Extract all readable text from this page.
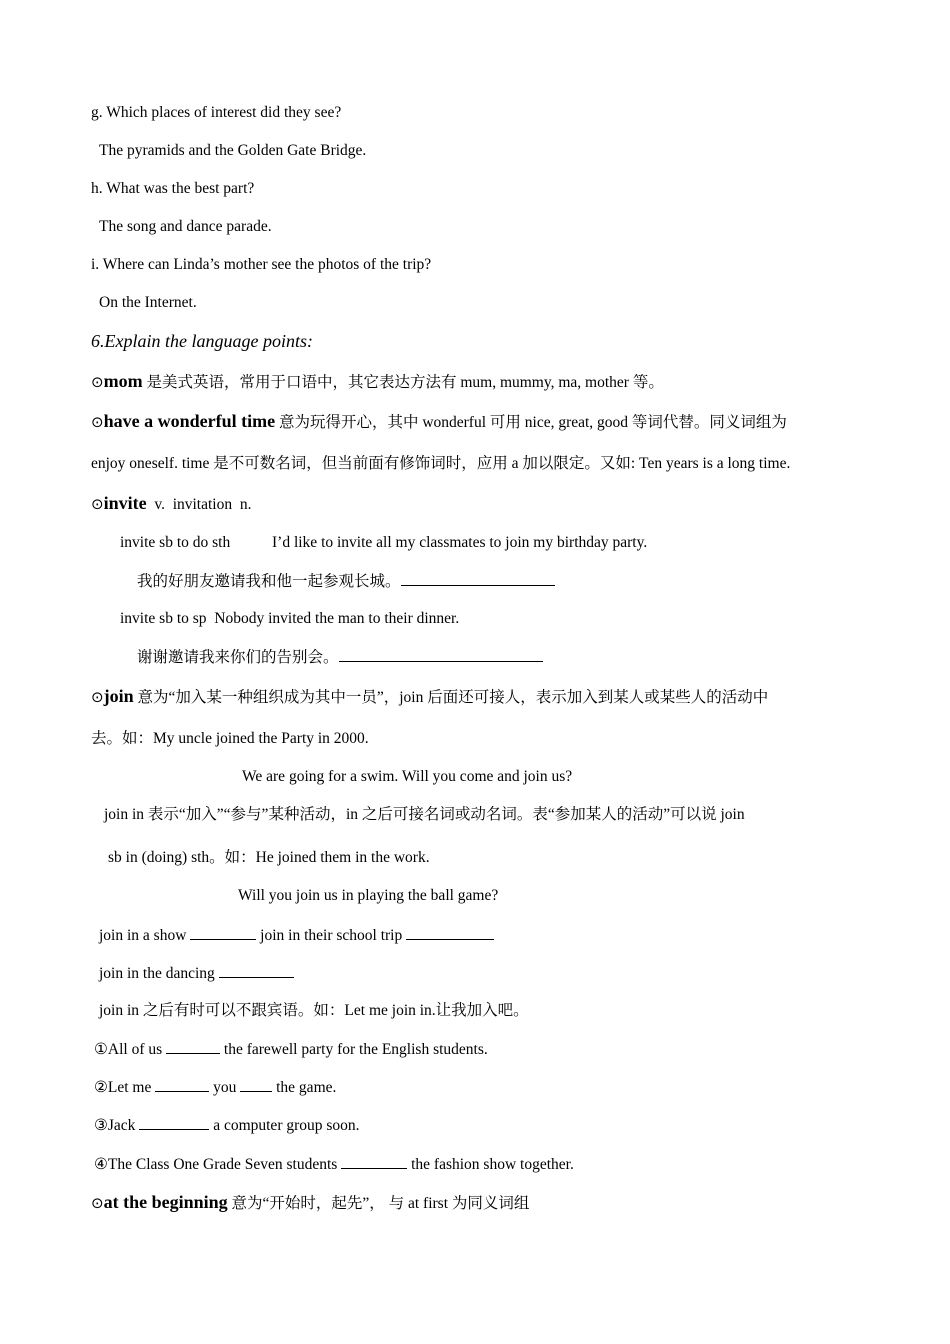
g. Which places of interest did they see?
The pyramids and the Golden Gate Bridge.
h. What was the best part?
The song and dance parade.
i. Where can Linda’s mother see the photos of the trip?
On the Internet.
6.Explain the language points:
⊙mom 是美式英语，常用于口语中，其它表达方法有 mum, mummy, ma, mother 等。
⊙have a wonderful time 意为玩得开心，其中 wonderful 可用 nice, great, good 等词代替。同义词组为
enjoy oneself. time 是不可数名词，但当前面有修饰词时，应用 a 加以限定。又如: Ten years is a long time.
⊙invite  v.  invitation  n.
invite sb to do sth	I’d like to invite all my classmates to join my birthday party.
我的好朋友邀请我和他一起参观长城。
invite sb to sp Nobody invited the man to their dinner.
谢谢邀请我来你们的告别会。
⊙join 意为“加入某一种组织成为其中一员”，join 后面还可接人，表示加入到某人或某些人的活动中
去。如：My uncle joined the Party in 2000.
We are going for a swim. Will you come and join us?
join in 表示“加入”“参与”某种活动，in 之后可接名词或动名词。表“参加某人的活动”可以说 join
sb in (doing) sth。如：He joined them in the work.
Will you join us in playing the ball game?
join in a show	join in their school trip
join in the dancing
join in 之后有时可以不跟宾语。如：Let me join in.让我加入吧。
①All of us	the farewell party for the English students.
②Let me	you	the game.
③Jack	a computer group soon.
④The Class One Grade Seven students	the fashion show together.
⊙at the beginning 意为“开始时，起先”， 与 at first 为同义词组
